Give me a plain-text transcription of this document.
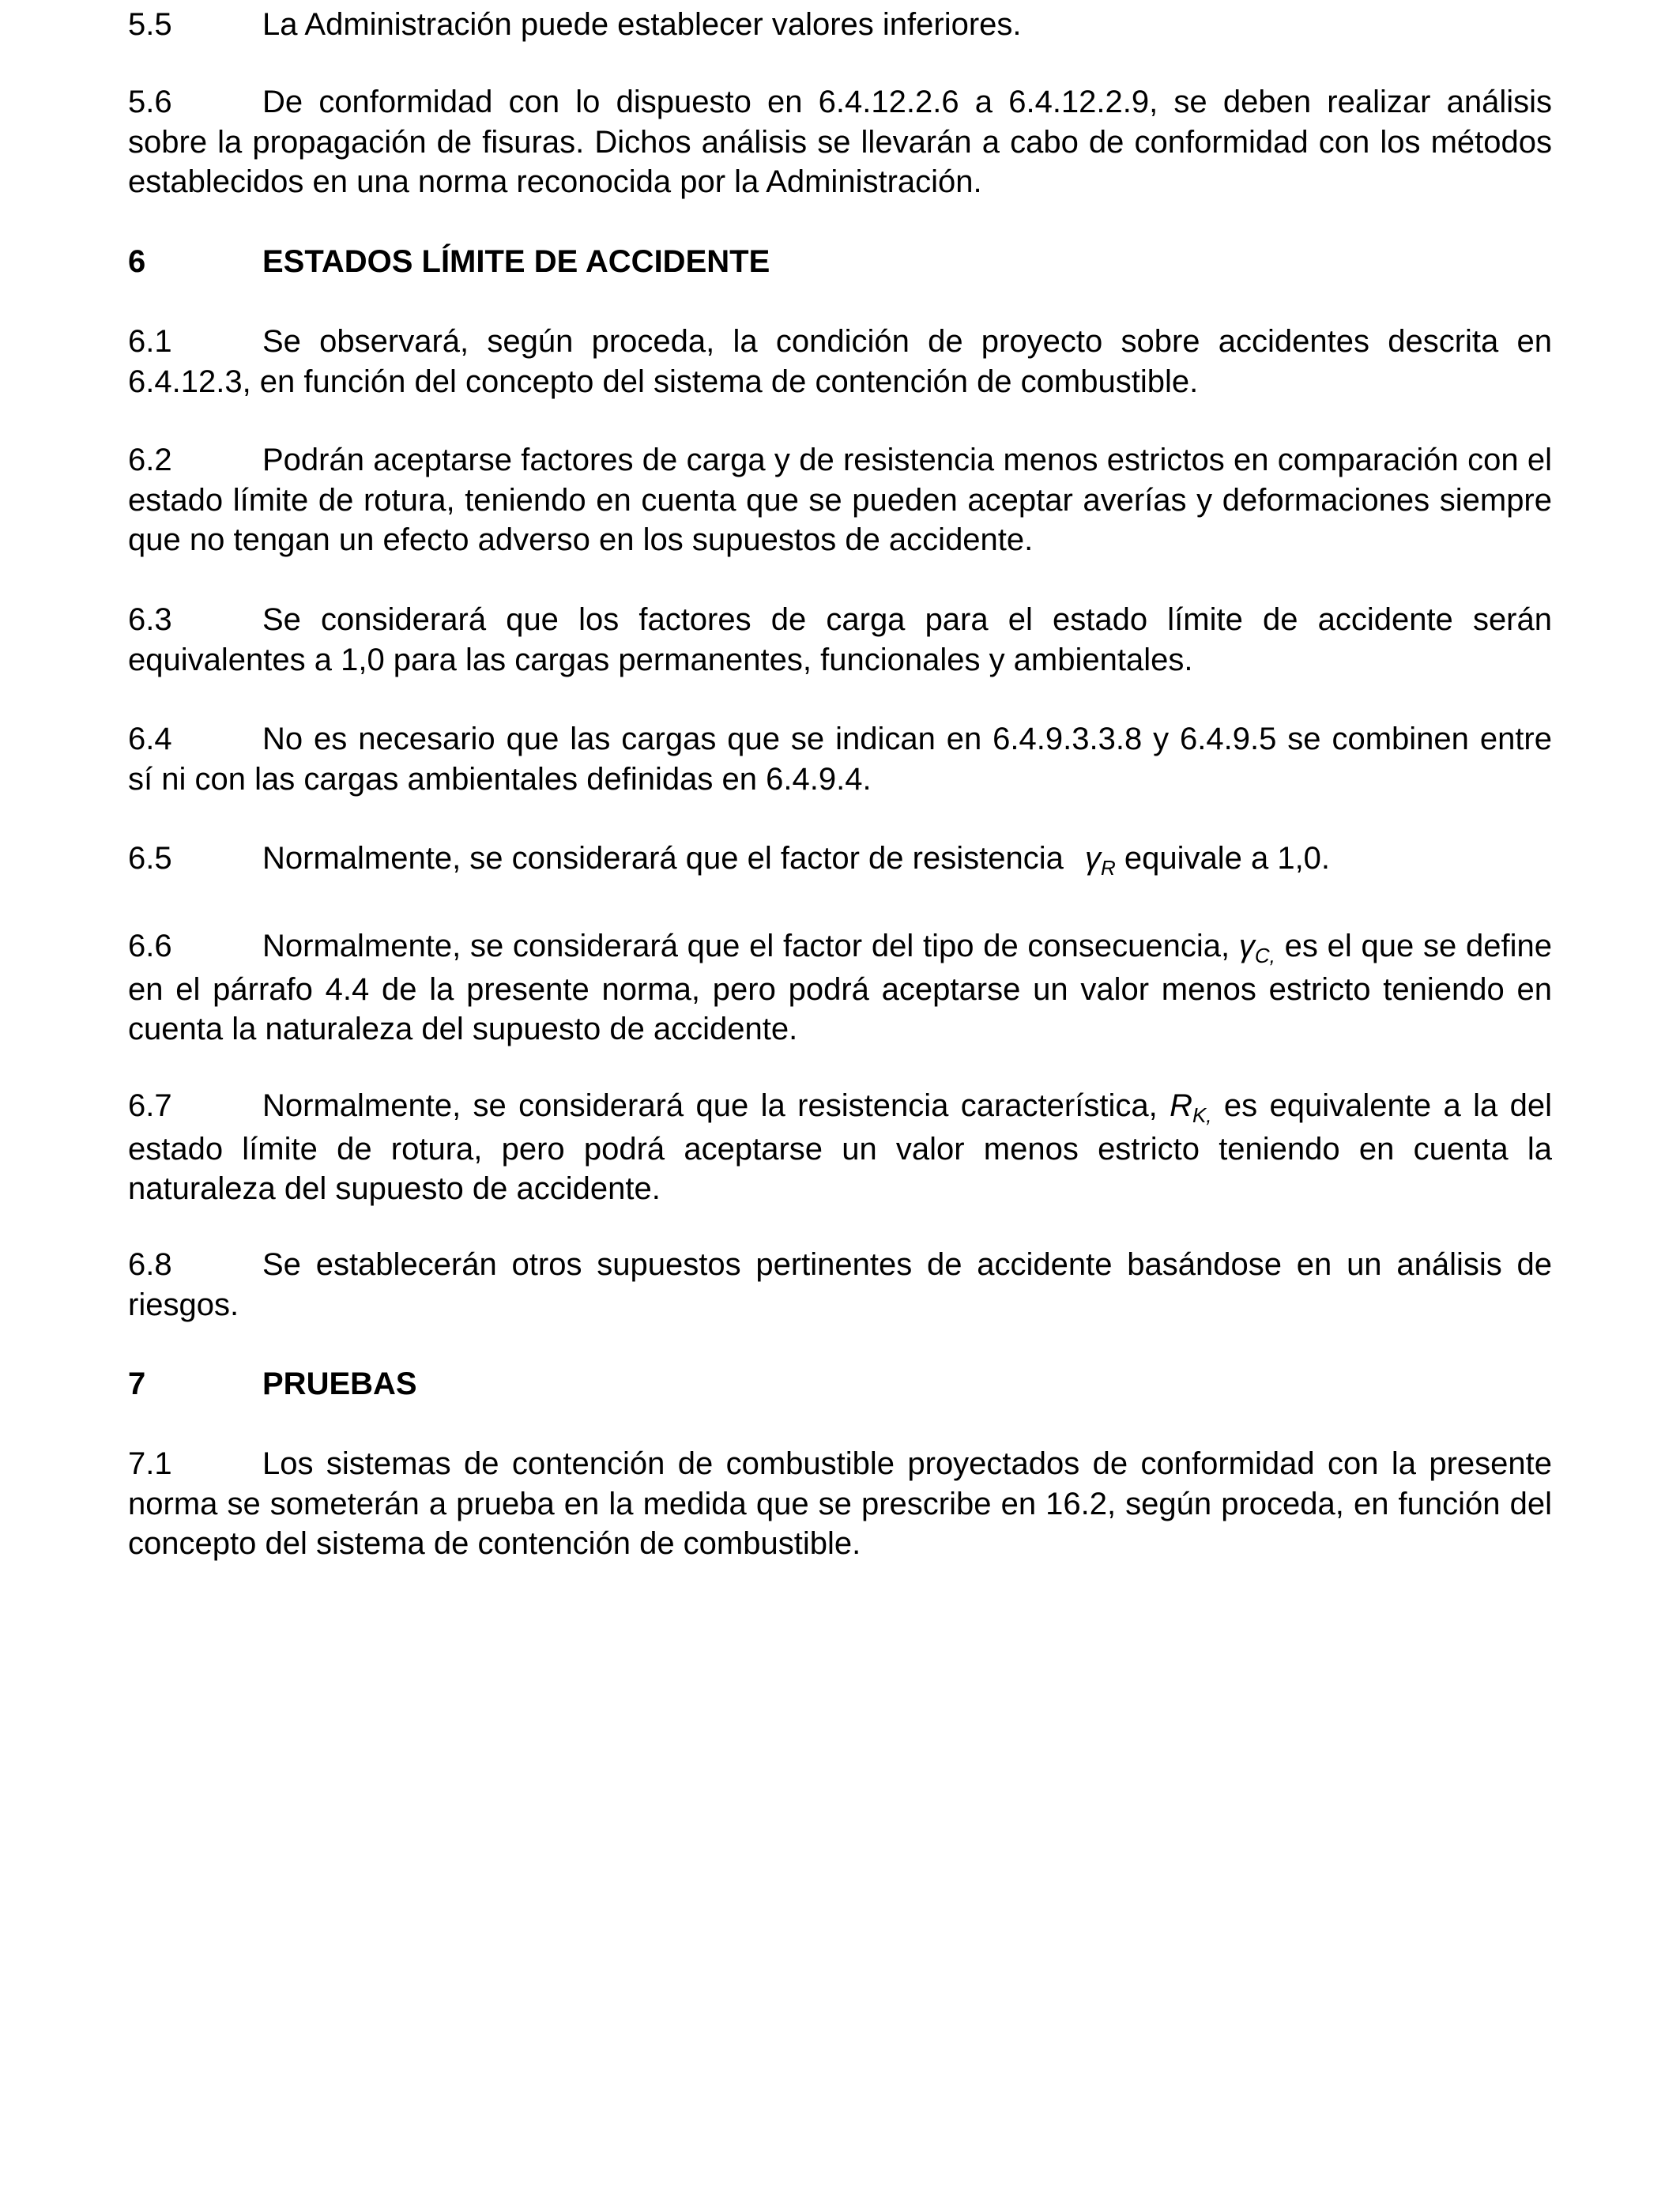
5.5	La Administración puede establecer valores inferiores.

5.6	De conformidad con lo dispuesto en 6.4.12.2.6 a 6.4.12.2.9, se deben realizar análisis sobre la propagación de fisuras. Dichos análisis se llevarán a cabo de conformidad con los métodos establecidos en una norma reconocida por la Administración.

6	ESTADOS LÍMITE DE ACCIDENTE

6.1	Se observará, según proceda, la condición de proyecto sobre accidentes descrita en 6.4.12.3, en función del concepto del sistema de contención de combustible.

6.2	Podrán aceptarse factores de carga y de resistencia menos estrictos en comparación con el estado límite de rotura, teniendo en cuenta que se pueden aceptar averías y deformaciones siempre que no tengan un efecto adverso en los supuestos de accidente.

6.3	Se considerará que los factores de carga para el estado límite de accidente serán equivalentes a 1,0 para las cargas permanentes, funcionales y ambientales.

6.4	No es necesario que las cargas que se indican en 6.4.9.3.3.8 y 6.4.9.5 se combinen entre sí ni con las cargas ambientales definidas en 6.4.9.4.

6.5	Normalmente, se considerará que el factor de resistencia $\gamma_R$ equivale a 1,0.

6.6	Normalmente, se considerará que el factor del tipo de consecuencia, $\gamma_{C,}$ es el que se define en el párrafo 4.4 de la presente norma, pero podrá aceptarse un valor menos estricto teniendo en cuenta la naturaleza del supuesto de accidente.

6.7	Normalmente, se considerará que la resistencia característica, $R_{K,}$ es equivalente a la del estado límite de rotura, pero podrá aceptarse un valor menos estricto teniendo en cuenta la naturaleza del supuesto de accidente.

6.8	Se establecerán otros supuestos pertinentes de accidente basándose en un análisis de riesgos.

7	PRUEBAS

7.1	Los sistemas de contención de combustible proyectados de conformidad con la presente norma se someterán a prueba en la medida que se prescribe en 16.2, según proceda, en función del concepto del sistema de contención de combustible.
